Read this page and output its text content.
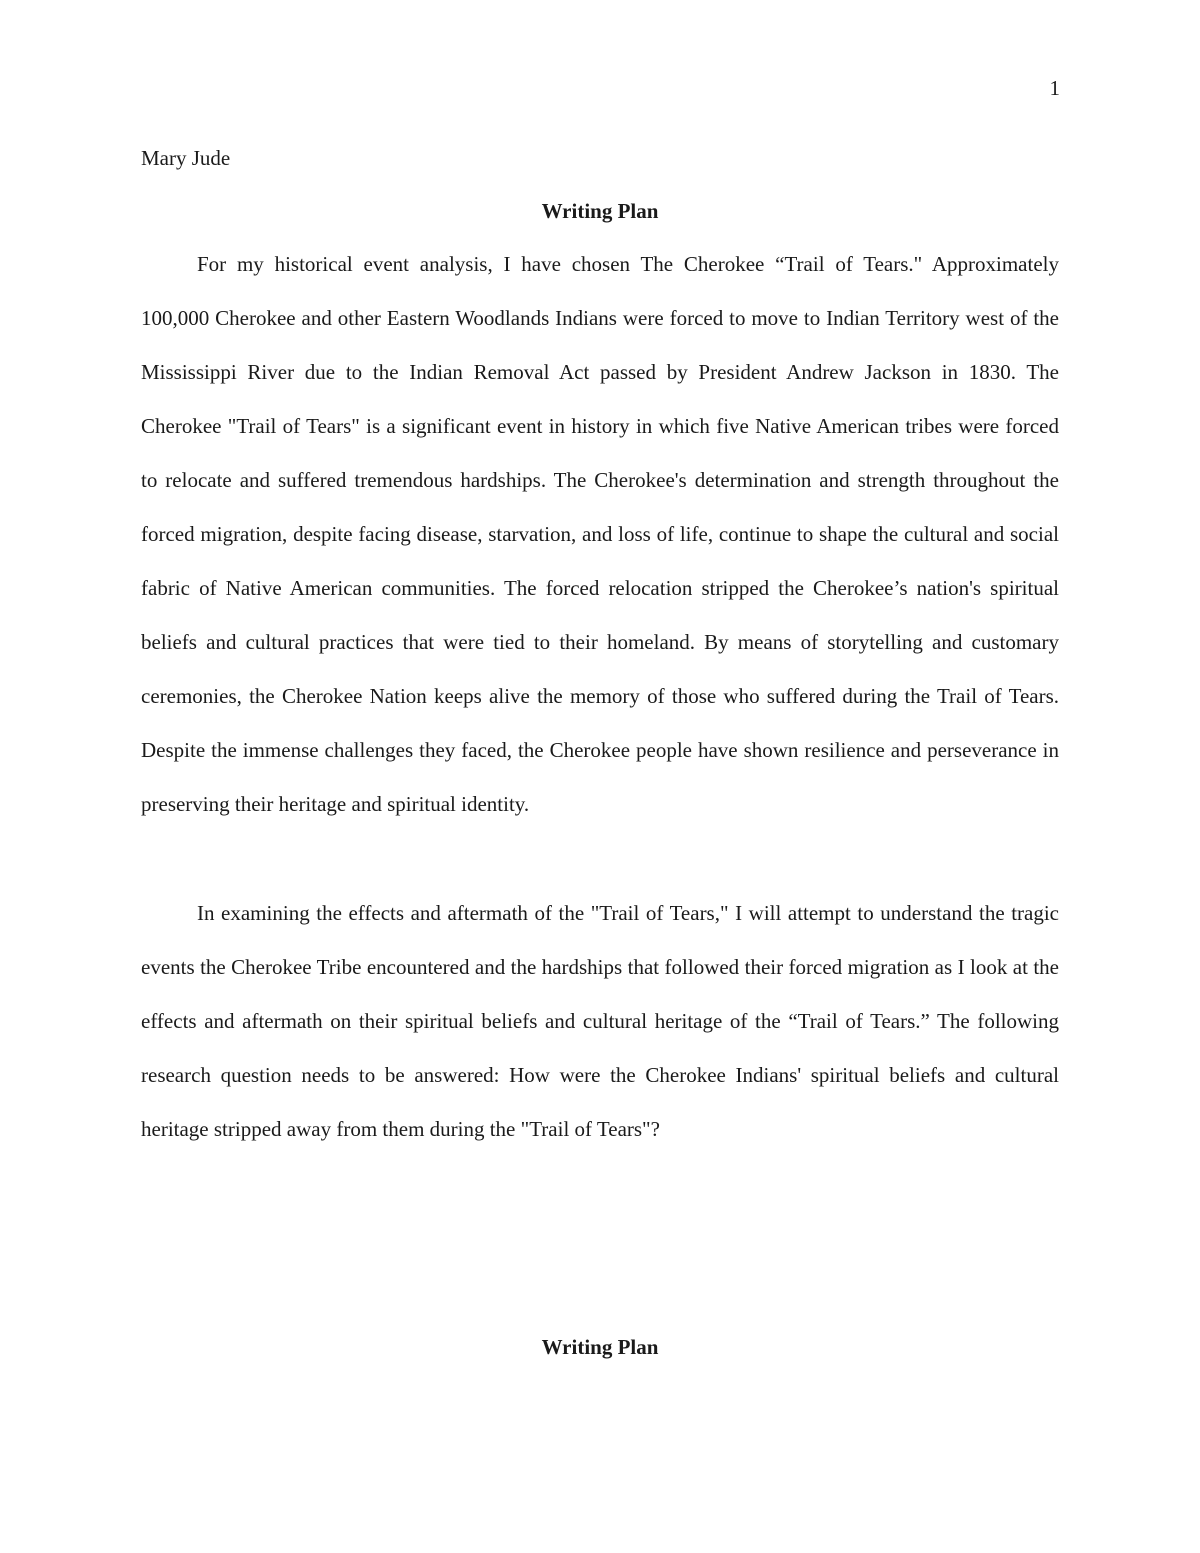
1
Mary Jude
Writing Plan

For my historical event analysis, I have chosen The Cherokee “Trail of Tears." Approximately 100,000 Cherokee and other Eastern Woodlands Indians were forced to move to Indian Territory west of the Mississippi River due to the Indian Removal Act passed by President Andrew Jackson in 1830. The Cherokee "Trail of Tears" is a significant event in history in which five Native American tribes were forced to relocate and suffered tremendous hardships. The Cherokee's determination and strength throughout the forced migration, despite facing disease, starvation, and loss of life, continue to shape the cultural and social fabric of Native American communities. The forced relocation stripped the Cherokee’s nation's spiritual beliefs and cultural practices that were tied to their homeland. By means of storytelling and customary ceremonies, the Cherokee Nation keeps alive the memory of those who suffered during the Trail of Tears. Despite the immense challenges they faced, the Cherokee people have shown resilience and perseverance in preserving their heritage and spiritual identity.

In examining the effects and aftermath of the "Trail of Tears," I will attempt to understand the tragic events the Cherokee Tribe encountered and the hardships that followed their forced migration as I look at the effects and aftermath on their spiritual beliefs and cultural heritage of the “Trail of Tears.” The following research question needs to be answered: How were the Cherokee Indians' spiritual beliefs and cultural heritage stripped away from them during the "Trail of Tears"?

Writing Plan
